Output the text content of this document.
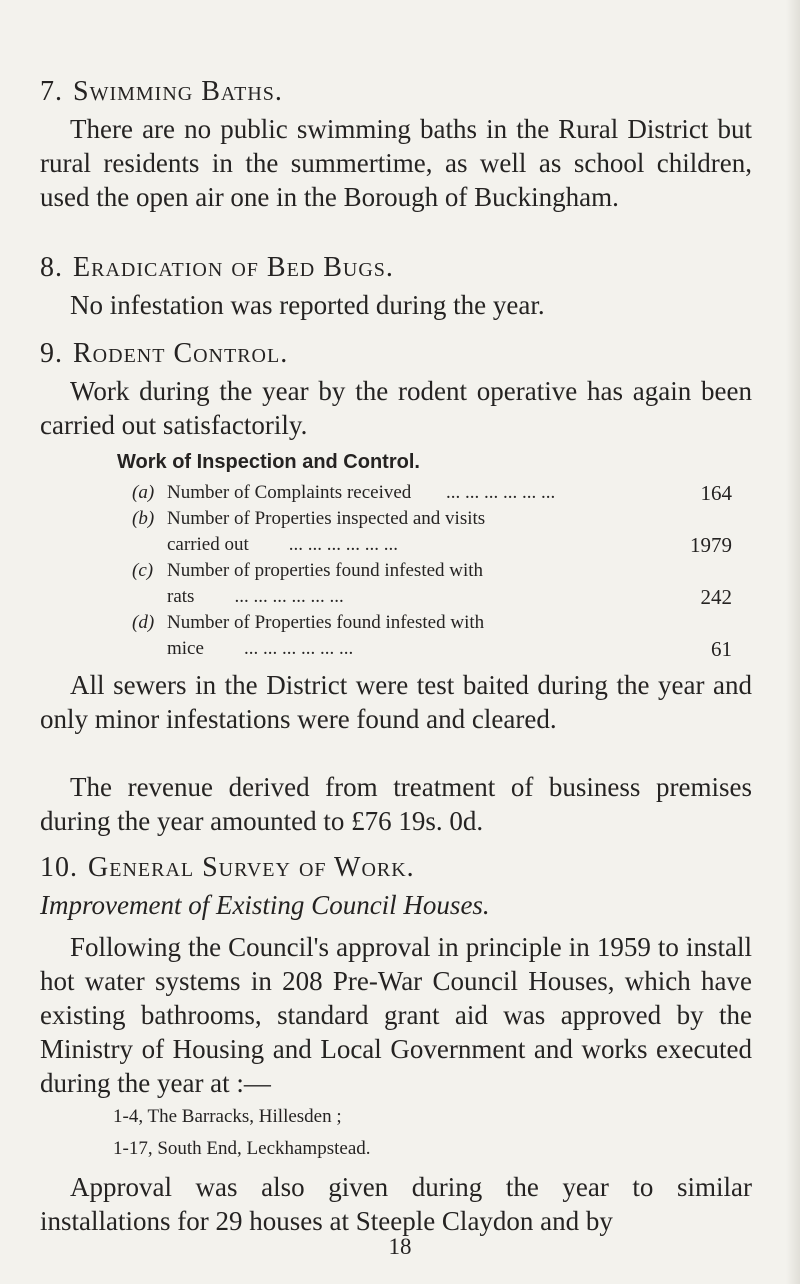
7. Swimming Baths.

There are no public swimming baths in the Rural District but rural residents in the summertime, as well as school children, used the open air one in the Borough of Buckingham.

8. Eradication of Bed Bugs.

No infestation was reported during the year.

9. Rodent Control.

Work during the year by the rodent operative has again been carried out satisfactorily.

Work of Inspection and Control.
(a) Number of Complaints received ... ... ... ... ... ...	164
(b) Number of Properties inspected and visits
carried out ... ... ... ... ... ...	1979
(c) Number of properties found infested with
rats ... ... ... ... ... ...	242
(d) Number of Properties found infested with
mice ... ... ... ... ... ...	61

All sewers in the District were test baited during the year and only minor infestations were found and cleared.

The revenue derived from treatment of business premises during the year amounted to £76 19s. 0d.

10. General Survey of Work.
Improvement of Existing Council Houses.

Following the Council's approval in principle in 1959 to install hot water systems in 208 Pre-War Council Houses, which have existing bathrooms, standard grant aid was approved by the Ministry of Housing and Local Government and works executed during the year at :—

1-4, The Barracks, Hillesden ;
1-17, South End, Leckhampstead.

Approval was also given during the year to similar installations for 29 houses at Steeple Claydon and by

18
